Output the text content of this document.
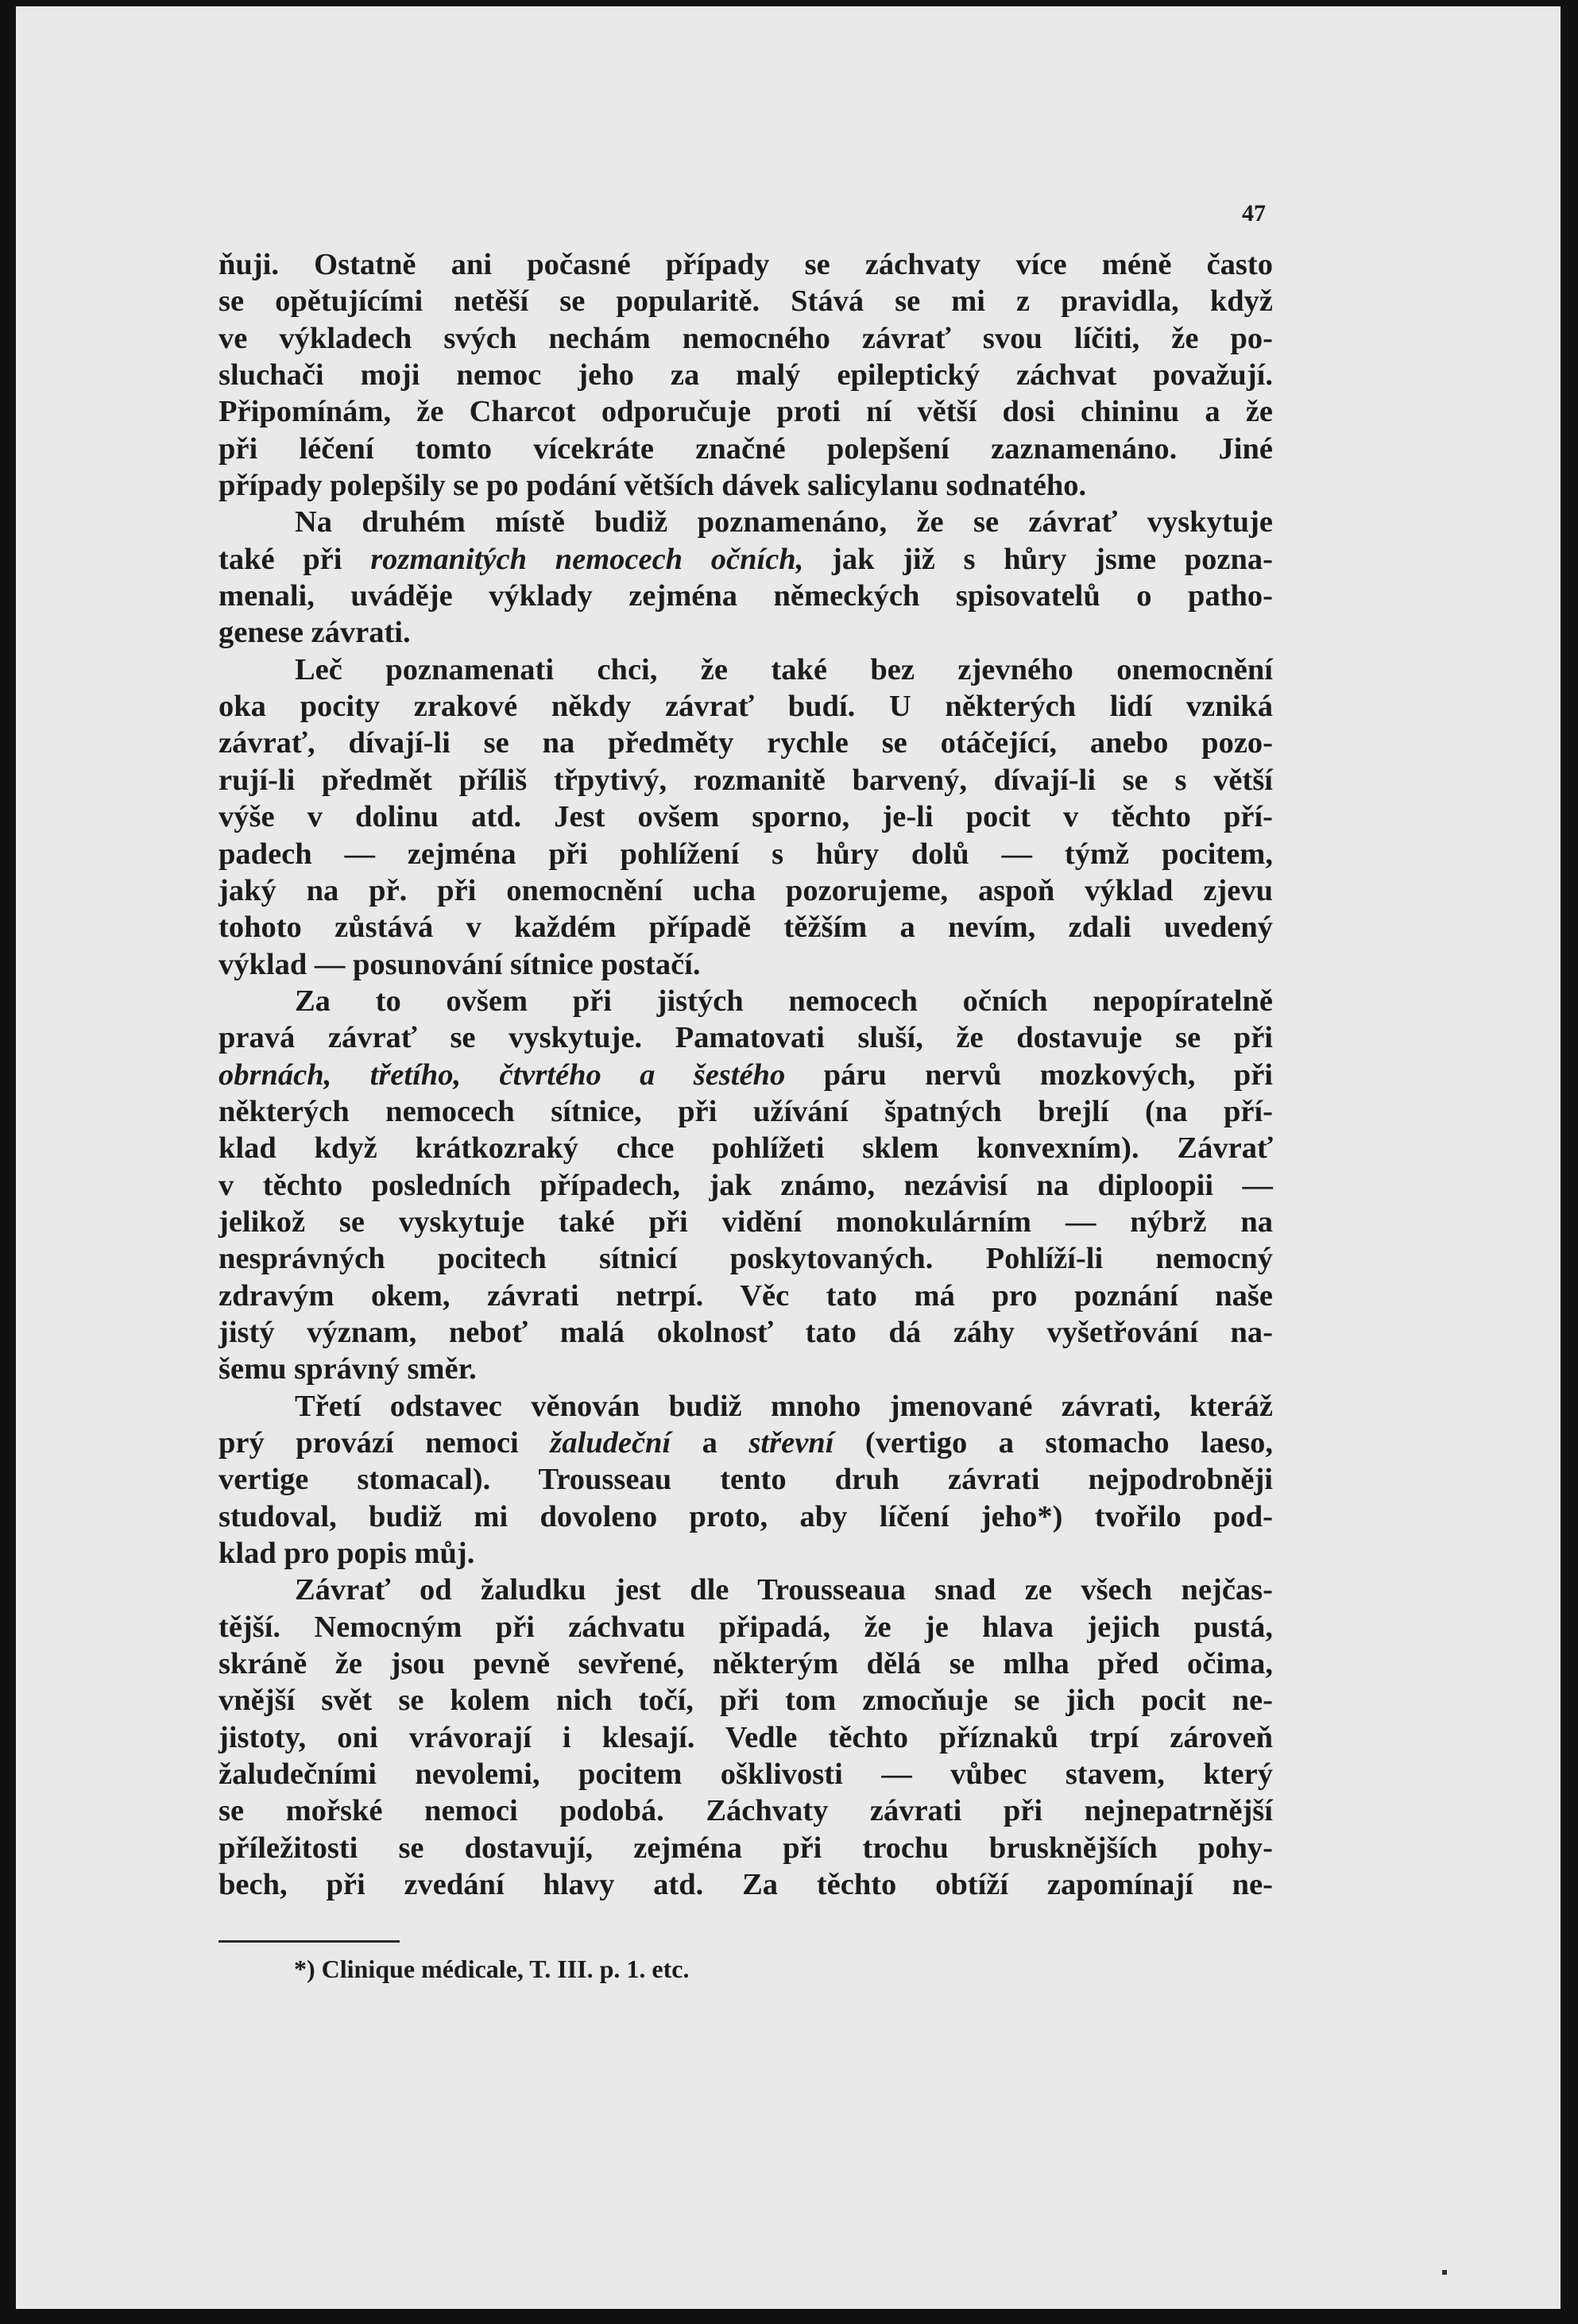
47
ňuji. Ostatně ani počasné případy se záchvaty více méně často
se opětujícími netěší se popularitě. Stává se mi z pravidla, když
ve výkladech svých nechám nemocného závrať svou líčiti, že po-
sluchači moji nemoc jeho za malý epileptický záchvat považují.
Připomínám, že Charcot odporučuje proti ní větší dosi chininu a že
při léčení tomto vícekráte značné polepšení zaznamenáno. Jiné
případy polepšily se po podání větších dávek salicylanu sodnatého.
Na druhém místě budiž poznamenáno, že se závrať vyskytuje
také při rozmanitých nemocech očních, jak již s hůry jsme pozna-
menali, uváděje výklady zejména německých spisovatelů o patho-
genese závrati.
Leč poznamenati chci, že také bez zjevného onemocnění
oka pocity zrakové někdy závrať budí. U některých lidí vzniká
závrať, dívají-li se na předměty rychle se otáčející, anebo pozo-
rují-li předmět příliš třpytivý, rozmanitě barvený, dívají-li se s větší
výše v dolinu atd. Jest ovšem sporno, je-li pocit v těchto pří-
padech — zejména při pohlížení s hůry dolů — týmž pocitem,
jaký na př. při onemocnění ucha pozorujeme, aspoň výklad zjevu
tohoto zůstává v každém případě těžším a nevím, zdali uvedený
výklad — posunování sítnice postačí.
Za to ovšem při jistých nemocech očních nepopíratelně
pravá závrať se vyskytuje. Pamatovati sluší, že dostavuje se při
obrnách, třetího, čtvrtého a šestého páru nervů mozkových, při
některých nemocech sítnice, při užívání špatných brejlí (na pří-
klad když krátkozraký chce pohlížeti sklem konvexním). Závrať
v těchto posledních případech, jak známo, nezávisí na diploopii —
jelikož se vyskytuje také při vidění monokulárním — nýbrž na
nesprávných pocitech sítnicí poskytovaných. Pohlíží-li nemocný
zdravým okem, závrati netrpí. Věc tato má pro poznání naše
jistý význam, neboť malá okolnosť tato dá záhy vyšetřování na-
šemu správný směr.
Třetí odstavec věnován budiž mnoho jmenované závrati, kteráž
prý provází nemoci žaludeční a střevní (vertigo a stomacho laeso,
vertige stomacal). Trousseau tento druh závrati nejpodrobněji
studoval, budiž mi dovoleno proto, aby líčení jeho*) tvořilo pod-
klad pro popis můj.
Závrať od žaludku jest dle Trousseaua snad ze všech nejčas-
tější. Nemocným při záchvatu připadá, že je hlava jejich pustá,
skráně že jsou pevně sevřené, některým dělá se mlha před očima,
vnější svět se kolem nich točí, při tom zmocňuje se jich pocit ne-
jistoty, oni vrávorají i klesají. Vedle těchto příznaků trpí zároveň
žaludečními nevolemi, pocitem ošklivosti — vůbec stavem, který
se mořské nemoci podobá. Záchvaty závrati při nejnepatrnější
příležitosti se dostavují, zejména při trochu brusknějších pohy-
bech, při zvedání hlavy atd. Za těchto obtíží zapomínají ne-
*) Clinique médicale, T. III. p. 1. etc.
